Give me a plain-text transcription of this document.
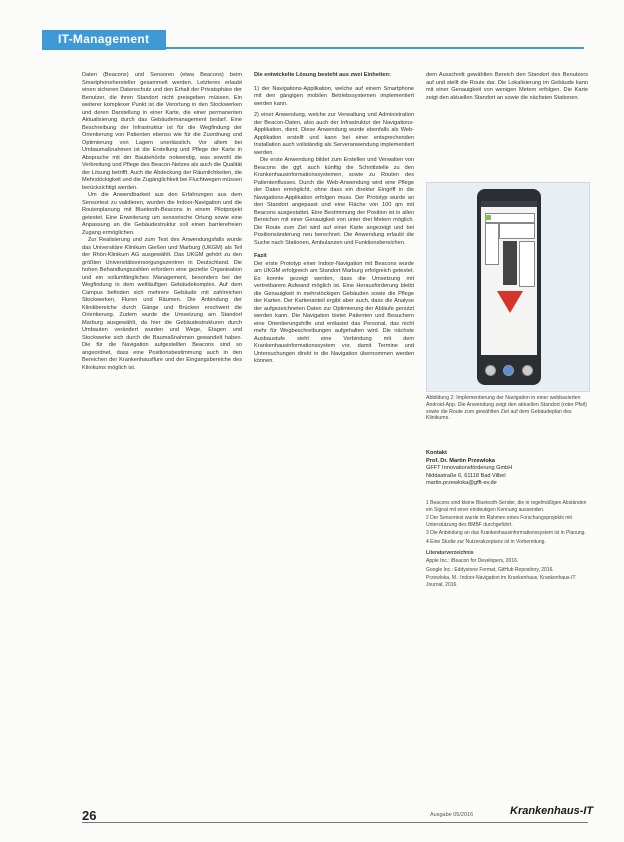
IT-Management

Daten (Beacons) und Sensoren (etwa Beacons) beim Smartphonehersteller gesammelt werden. Letzteres erlaubt einen sicheren Datenschutz und den Erhalt der Privatsphäre der Benutzer, die ihren Standort nicht preisgeben müssen. Ein weiterer komplexer Punkt ist die Verortung in den Stockwerken und deren Darstellung in einer Karte, die einer permanenten Aktualisierung durch das Gebäudemanagement bedarf. Eine Beschreibung der Infrastruktur ist für die Wegfindung der Orientierung von Patienten ebenso wie für die Zuordnung und Optimierung von Lagern unerlässlich. Vor allem bei Umbaumaßnahmen ist die Erstellung und Pflege der Karte in Absprache mit der Baubehörde notwendig, was sowohl die Verbreitung und Pflege des Beacon-Netzes als auch die Qualität der Lösung betrifft. Auch die Abdeckung der Räumlichkeiten, die Mehrstöckigkeit und die Zugänglichkeit bei Fluchtwegen müssen berücksichtigt werden.

Um die Anwendbarkeit aus den Erfahrungen aus dem Sensortest zu validieren, wurden die Indoor-Navigation und die Routenplanung mit Bluetooth-Beacons in einem Pilotprojekt getestet. Eine Erweiterung um sensorische Ortung sowie eine Anpassung an die Gebäudestruktur soll einen barrierefreien Zugang ermöglichen.

Zur Realisierung und zum Test des Anwendungsfalls wurde das Universitäre Klinikum Gießen und Marburg (UKGM) als Teil der Rhön-Klinikum AG ausgewählt. Das UKGM gehört zu den größten Universitätsversorgungszentren in Deutschland. Die hohen Behandlungszahlen erfordern eine gezielte Organisation und ein vollumfängliches Management, besonders bei der Wegfindung in dem weitläufigen Gebäudekomplex. Auf dem Campus befinden sich mehrere Gebäude mit zahlreichen Stockwerken, Fluren und Räumen. Die Anbindung der Klinikbereiche durch Gänge und Brücken erschwert die Orientierung. Zudem wurde die Umsetzung am Standort Marburg ausgewählt, da hier die Gebäudestrukturen durch Umbauten verändert wurden und Wege, Etagen und Stockwerke sich durch die Baumaßnahmen gewandelt haben. Die für die Navigation aufgestellten Beacons sind so angeordnet, dass eine Positionsbestimmung auch in den Bereichen der Krankenhausflure und der Eingangsbereiche des Klinikums möglich ist.

Die entwickelte Lösung besteht aus zwei Einheiten:

1) der Navigations-Applikation, welche auf einem Smartphone mit den gängigen mobilen Betriebssystemen implementiert werden kann.

2) einer Anwendung, welche zur Verwaltung und Administration der Beacon-Daten, also auch der Infrastruktur der Navigations-Applikation, dient. Diese Anwendung wurde ebenfalls als Web-Applikation erstellt und kann bei einer entsprechenden Installation auch vollständig als Serveranwendung implementiert werden.

Die erste Anwendung bildet zum Erstellen und Verwalten von Beacons die ggf. auch künftig die Schnittstelle zu den Krankenhausinformationssystemen, sowie zu Routen des Patientenflusses. Durch die Web-Anwendung wird eine Pflege der Daten ermöglicht, ohne dass ein direkter Eingriff in die Navigations-Applikation erfolgen muss. Der Prototyp wurde an den Standort angepasst und eine Fläche von 100 qm mit Beacons ausgestattet. Eine Bestimmung der Position ist in allen Bereichen mit einer Genauigkeit von unter drei Metern möglich. Die Route zum Ziel wird auf einer Karte angezeigt und bei Positionsänderung neu berechnet. Die Anwendung erlaubt die Suche nach Stationen, Ambulanzen und Funktionsbereichen.

Fazit

Der erste Prototyp einer Indoor-Navigation mit Beacons wurde am UKGM erfolgreich am Standort Marburg erfolgreich getestet. Es konnte gezeigt werden, dass die Umsetzung mit vertretbarem Aufwand möglich ist. Eine Herausforderung bleibt die Genauigkeit in mehrstöckigen Gebäuden sowie die Pflege der Karten. Der Kartenanteil ergibt aber auch, dass die Analyse der aufgezeichneten Daten zur Optimierung der Abläufe genutzt werden kann. Die Navigation bietet Patienten und Besuchern eine Orientierungshilfe und entlastet das Personal, das nicht mehr für Wegbeschreibungen aufgehalten wird. Die nächste Ausbaustufe sieht eine Verbindung mit dem Krankenhausinformationssystem vor, damit Termine und Untersuchungen direkt in die Navigation übernommen werden können.

dem Ausschnitt gewählten Bereich den Standort des Benutzers auf und stellt die Route dar. Die Lokalisierung im Gebäude kann mit einer Genauigkeit von wenigen Metern erfolgen. Die Karte zeigt den aktuellen Standort an sowie die nächsten Stationen.

Abbildung 2: Implementierung der Navigation in einer webbasierten Android-App. Die Anwendung zeigt den aktuellen Standort (roter Pfeil) sowie die Route zum gewählten Ziel auf dem Gebäudeplan des Klinikums.
Kontakt
Prof. Dr. Martin Przewloka
GFFT Innovationsförderung GmbH
Niddastraße 6, 61118 Bad Vilbel
martin.przewloka@gfft-ev.de

1 Beacons sind kleine Bluetooth-Sender, die in regelmäßigen Abständen ein Signal mit einer eindeutigen Kennung aussenden.

2 Der Sensortest wurde im Rahmen eines Forschungsprojekts mit Unterstützung des BMBF durchgeführt.

3 Die Anbindung an das Krankenhausinformationssystem ist in Planung.

4 Eine Studie zur Nutzerakzeptanz ist in Vorbereitung.

Literaturverzeichnis

Apple Inc.: iBeacon for Developers, 2016.

Google Inc.: Eddystone Format, GitHub Repository, 2016.

Przewloka, M.: Indoor-Navigation im Krankenhaus, Krankenhaus-IT Journal, 2016.

26	Ausgabe 05/2016	Krankenhaus-IT
